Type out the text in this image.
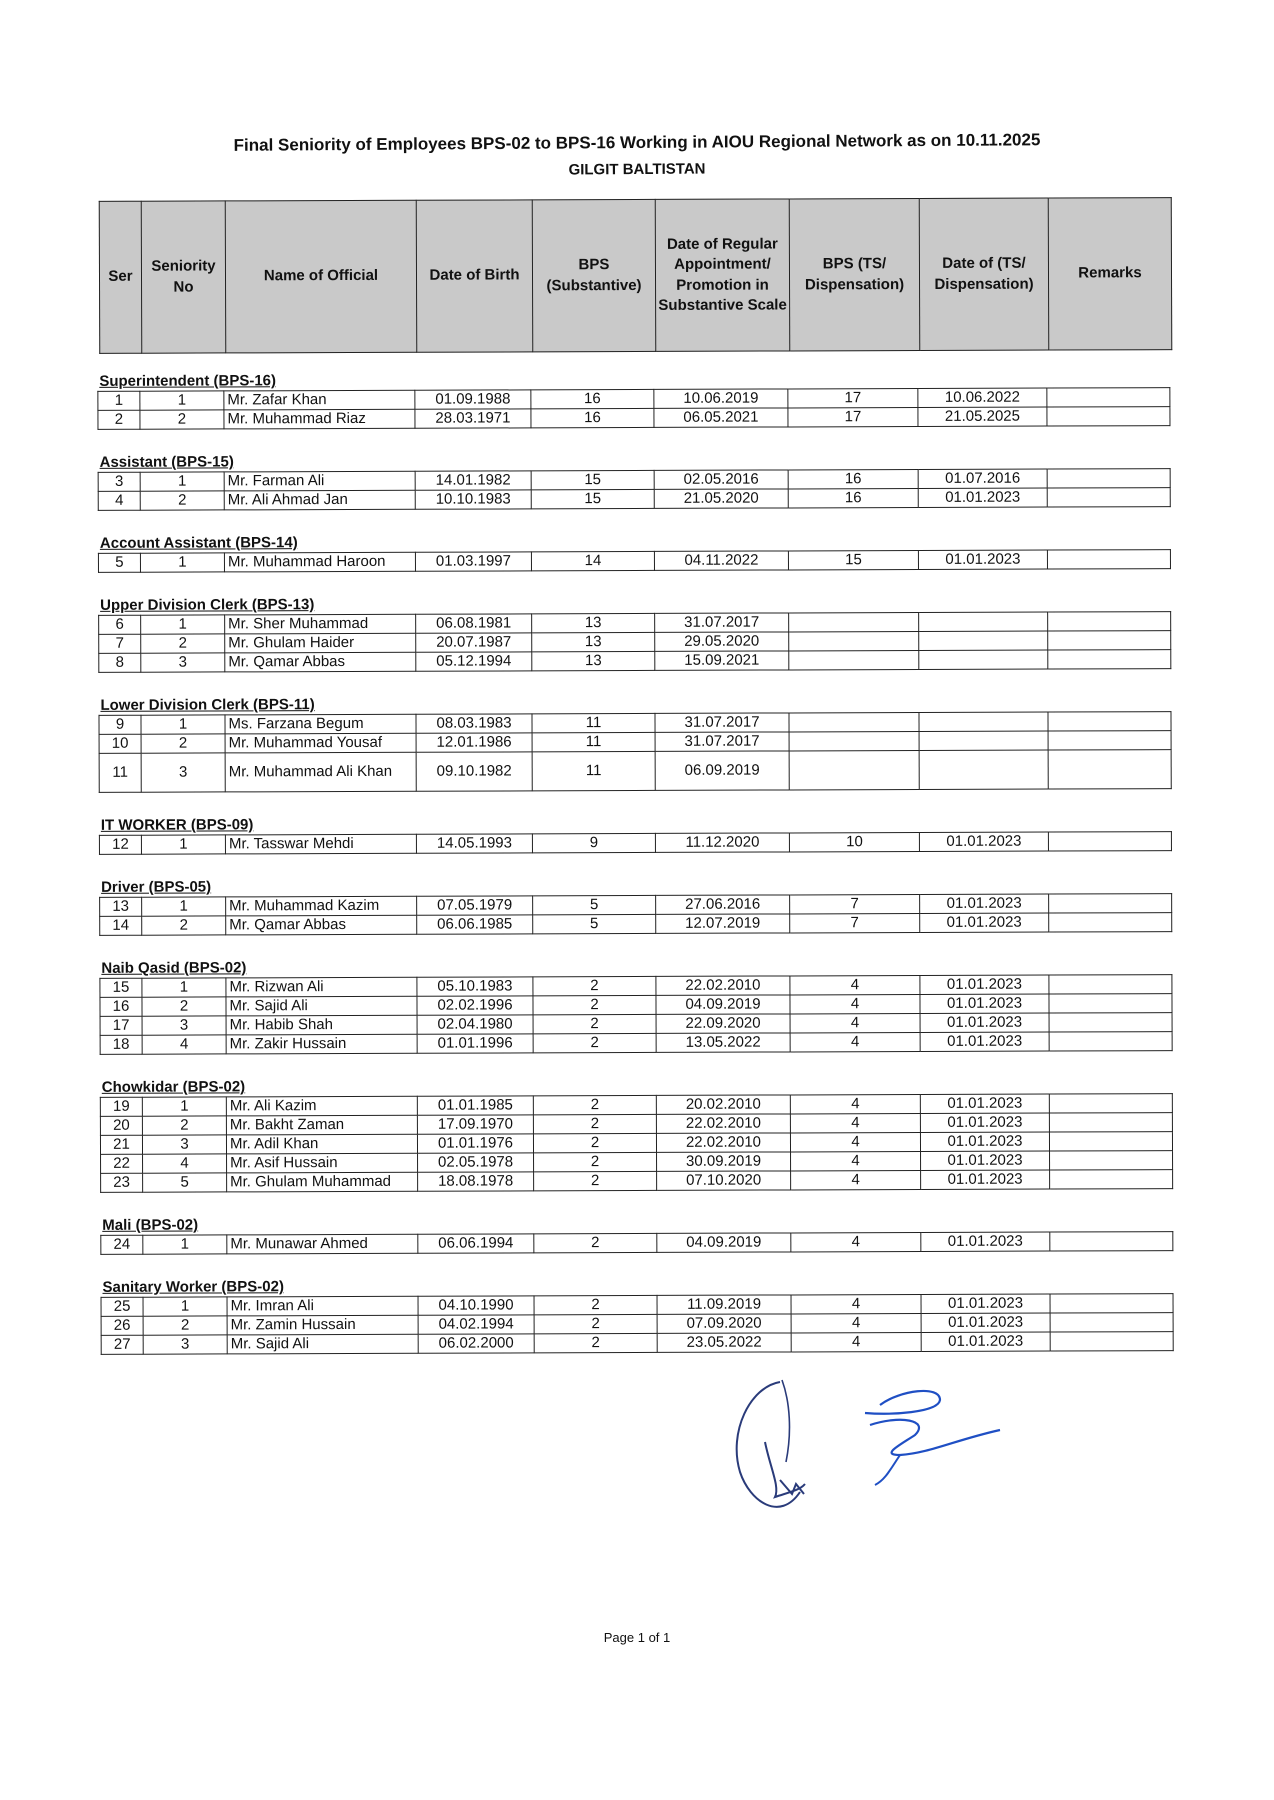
Final Seniority of Employees BPS-02 to BPS-16 Working in AIOU Regional Network as on 10.11.2025
GILGIT BALTISTAN
Ser	Seniority No	Name of Official	Date of Birth	BPS (Substantive)	Date of Regular Appointment/ Promotion in Substantive Scale	BPS (TS/ Dispensation)	Date of (TS/ Dispensation)	Remarks
Superintendent (BPS-16)
1	1	Mr. Zafar Khan	01.09.1988	16	10.06.2019	17	10.06.2022	
2	2	Mr. Muhammad Riaz	28.03.1971	16	06.05.2021	17	21.05.2025	
Assistant (BPS-15)
3	1	Mr. Farman Ali	14.01.1982	15	02.05.2016	16	01.07.2016	
4	2	Mr. Ali Ahmad Jan	10.10.1983	15	21.05.2020	16	01.01.2023	
Account Assistant (BPS-14)
5	1	Mr. Muhammad Haroon	01.03.1997	14	04.11.2022	15	01.01.2023	
Upper Division Clerk (BPS-13)
6	1	Mr. Sher Muhammad	06.08.1981	13	31.07.2017			
7	2	Mr. Ghulam Haider	20.07.1987	13	29.05.2020			
8	3	Mr. Qamar Abbas	05.12.1994	13	15.09.2021			
Lower Division Clerk (BPS-11)
9	1	Ms. Farzana Begum	08.03.1983	11	31.07.2017			
10	2	Mr. Muhammad Yousaf	12.01.1986	11	31.07.2017			
11	3	Mr. Muhammad Ali Khan	09.10.1982	11	06.09.2019			
IT WORKER (BPS-09)
12	1	Mr. Tasswar Mehdi	14.05.1993	9	11.12.2020	10	01.01.2023	
Driver (BPS-05)
13	1	Mr. Muhammad Kazim	07.05.1979	5	27.06.2016	7	01.01.2023	
14	2	Mr. Qamar Abbas	06.06.1985	5	12.07.2019	7	01.01.2023	
Naib Qasid (BPS-02)
15	1	Mr. Rizwan Ali	05.10.1983	2	22.02.2010	4	01.01.2023	
16	2	Mr. Sajid Ali	02.02.1996	2	04.09.2019	4	01.01.2023	
17	3	Mr. Habib Shah	02.04.1980	2	22.09.2020	4	01.01.2023	
18	4	Mr. Zakir Hussain	01.01.1996	2	13.05.2022	4	01.01.2023	
Chowkidar (BPS-02)
19	1	Mr. Ali Kazim	01.01.1985	2	20.02.2010	4	01.01.2023	
20	2	Mr. Bakht Zaman	17.09.1970	2	22.02.2010	4	01.01.2023	
21	3	Mr. Adil Khan	01.01.1976	2	22.02.2010	4	01.01.2023	
22	4	Mr. Asif Hussain	02.05.1978	2	30.09.2019	4	01.01.2023	
23	5	Mr. Ghulam Muhammad	18.08.1978	2	07.10.2020	4	01.01.2023	
Mali (BPS-02)
24	1	Mr. Munawar Ahmed	06.06.1994	2	04.09.2019	4	01.01.2023	
Sanitary Worker (BPS-02)
25	1	Mr. Imran Ali	04.10.1990	2	11.09.2019	4	01.01.2023	
26	2	Mr. Zamin Hussain	04.02.1994	2	07.09.2020	4	01.01.2023	
27	3	Mr. Sajid Ali	06.02.2000	2	23.05.2022	4	01.01.2023	
Page 1 of 1
